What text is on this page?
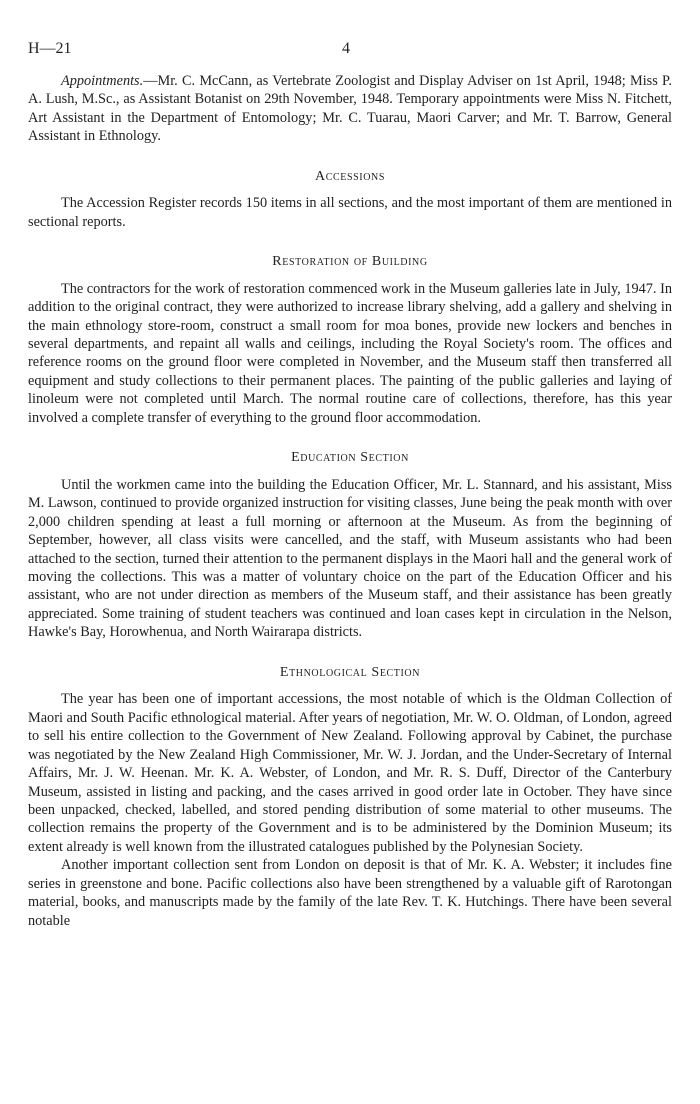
H—21	4

Appointments.—Mr. C. McCann, as Vertebrate Zoologist and Display Adviser on 1st April, 1948; Miss P. A. Lush, M.Sc., as Assistant Botanist on 29th November, 1948. Temporary appointments were Miss N. Fitchett, Art Assistant in the Department of Entomology; Mr. C. Tuarau, Maori Carver; and Mr. T. Barrow, General Assistant in Ethnology.

Accessions

The Accession Register records 150 items in all sections, and the most important of them are mentioned in sectional reports.

Restoration of Building

The contractors for the work of restoration commenced work in the Museum galleries late in July, 1947. In addition to the original contract, they were authorized to increase library shelving, add a gallery and shelving in the main ethnology store-room, construct a small room for moa bones, provide new lockers and benches in several departments, and repaint all walls and ceilings, including the Royal Society's room. The offices and reference rooms on the ground floor were completed in November, and the Museum staff then transferred all equipment and study collections to their permanent places. The painting of the public galleries and laying of linoleum were not completed until March. The normal routine care of collections, therefore, has this year involved a complete transfer of everything to the ground floor accommodation.

Education Section

Until the workmen came into the building the Education Officer, Mr. L. Stannard, and his assistant, Miss M. Lawson, continued to provide organized instruction for visiting classes, June being the peak month with over 2,000 children spending at least a full morning or afternoon at the Museum. As from the beginning of September, however, all class visits were cancelled, and the staff, with Museum assistants who had been attached to the section, turned their attention to the permanent displays in the Maori hall and the general work of moving the collections. This was a matter of voluntary choice on the part of the Education Officer and his assistant, who are not under direction as members of the Museum staff, and their assistance has been greatly appreciated. Some training of student teachers was continued and loan cases kept in circulation in the Nelson, Hawke's Bay, Horowhenua, and North Wairarapa districts.

Ethnological Section

The year has been one of important accessions, the most notable of which is the Oldman Collection of Maori and South Pacific ethnological material. After years of negotiation, Mr. W. O. Oldman, of London, agreed to sell his entire collection to the Government of New Zealand. Following approval by Cabinet, the purchase was negotiated by the New Zealand High Commissioner, Mr. W. J. Jordan, and the Under-Secretary of Internal Affairs, Mr. J. W. Heenan. Mr. K. A. Webster, of London, and Mr. R. S. Duff, Director of the Canterbury Museum, assisted in listing and packing, and the cases arrived in good order late in October. They have since been unpacked, checked, labelled, and stored pending distribution of some material to other museums. The collection remains the property of the Government and is to be administered by the Dominion Museum; its extent already is well known from the illustrated catalogues published by the Polynesian Society.

Another important collection sent from London on deposit is that of Mr. K. A. Webster; it includes fine series in greenstone and bone. Pacific collections also have been strengthened by a valuable gift of Rarotongan material, books, and manuscripts made by the family of the late Rev. T. K. Hutchings. There have been several notable
